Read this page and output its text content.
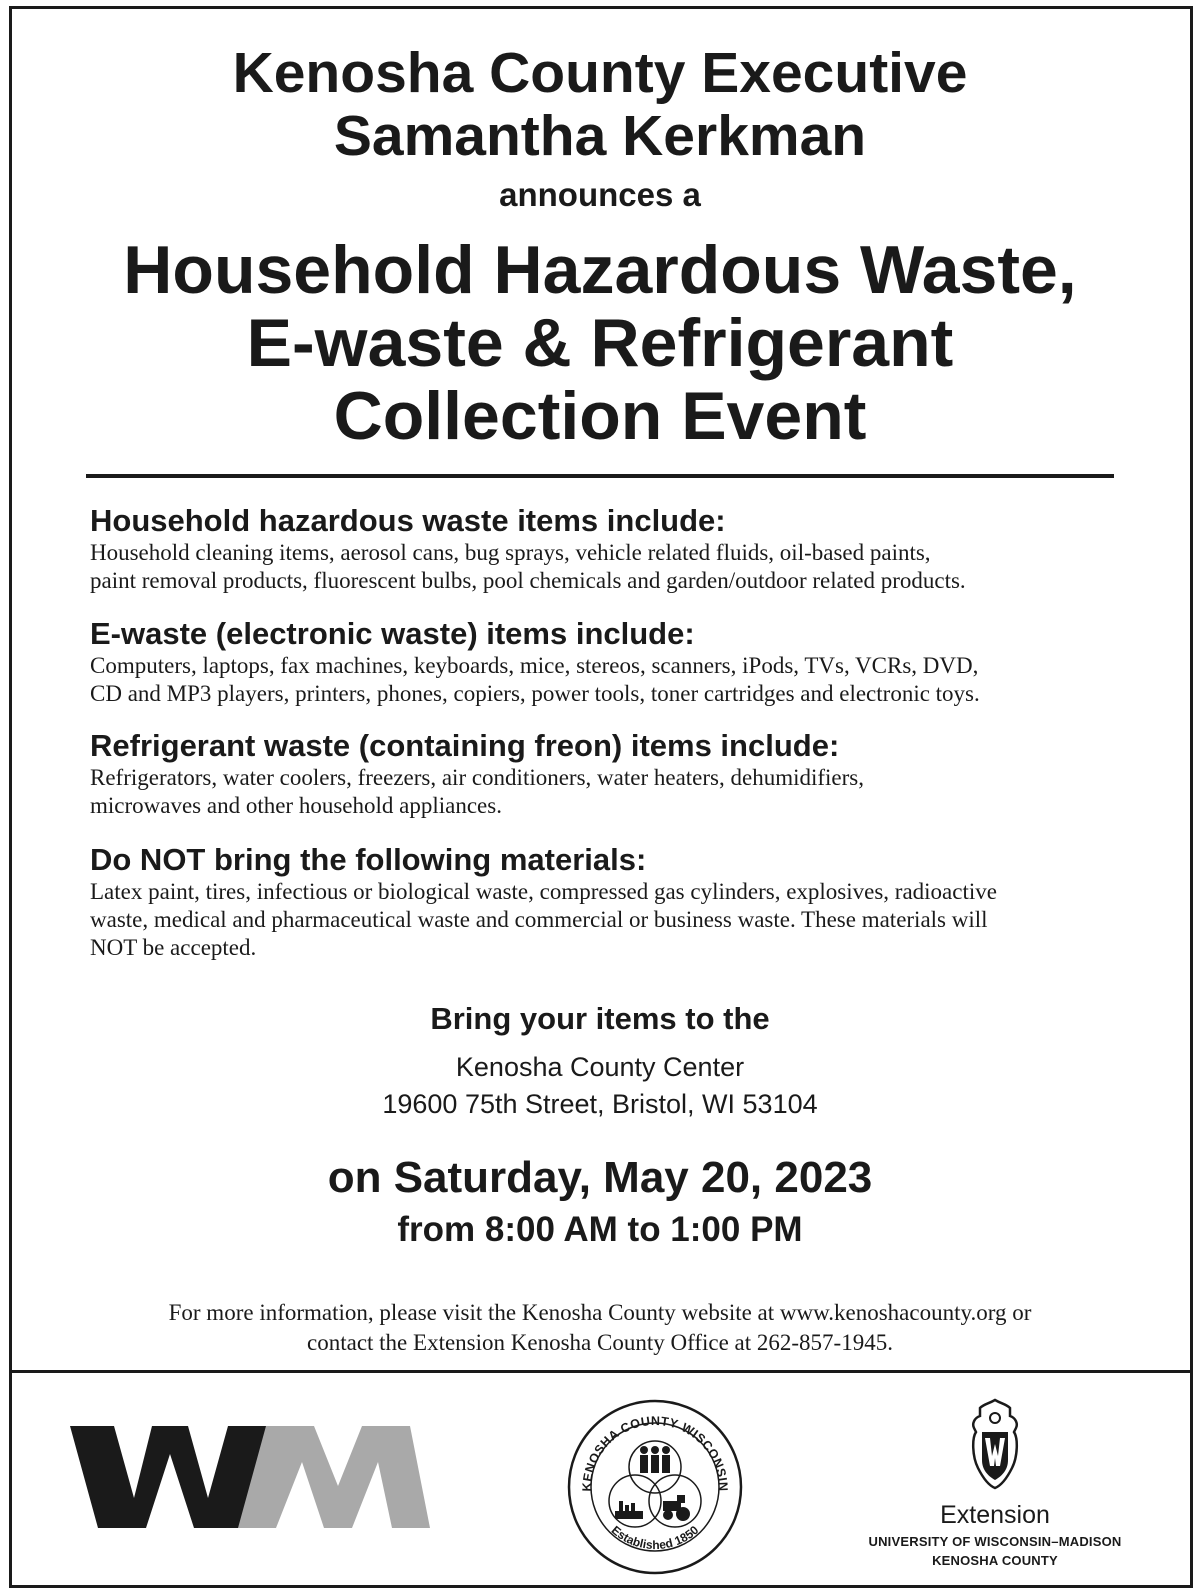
Kenosha County Executive
Samantha Kerkman
announces a
Household Hazardous Waste,
E-waste & Refrigerant
Collection Event
Household hazardous waste items include:

Household cleaning items, aerosol cans, bug sprays, vehicle related fluids, oil-based paints,

paint removal products, fluorescent bulbs, pool chemicals and garden/outdoor related products.

E-waste (electronic waste) items include:

Computers, laptops, fax machines, keyboards, mice, stereos, scanners, iPods, TVs, VCRs, DVD,

CD and MP3 players, printers, phones, copiers, power tools, toner cartridges and electronic toys.

Refrigerant waste (containing freon) items include:

Refrigerators, water coolers, freezers, air conditioners, water heaters, dehumidifiers,

microwaves and other household appliances.

Do NOT bring the following materials:

Latex paint, tires, infectious or biological waste, compressed gas cylinders, explosives, radioactive

waste, medical and pharmaceutical waste and commercial or business waste. These materials will

NOT be accepted.

Bring your items to the
Kenosha County Center
19600 75th Street, Bristol, WI 53104
on Saturday, May 20, 2023
from 8:00 AM to 1:00 PM
For more information, please visit the Kenosha County website at www.kenoshacounty.org or
contact the Extension Kenosha County Office at 262-857-1945.
KENOSHA COUNTY WISCONSIN
Established 1850
Extension
UNIVERSITY OF WISCONSIN–MADISON
KENOSHA COUNTY
